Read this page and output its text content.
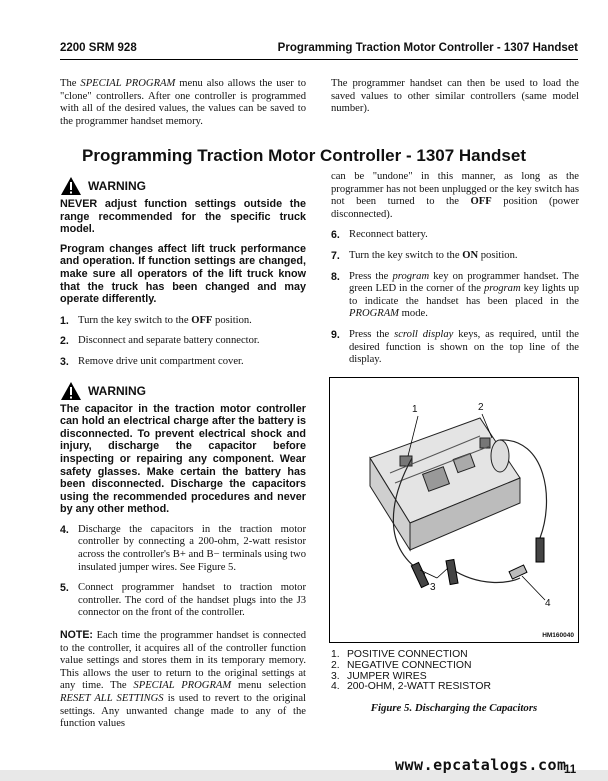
2200 SRM 928	Programming Traction Motor Controller - 1307 Handset
The SPECIAL PROGRAM menu also allows the user to "clone" controllers. After one controller is programmed with all of the desired values, the values can be saved to the programmer handset memory.
The programmer handset can then be used to load the saved values to other similar controllers (same model number).
Programming Traction Motor Controller - 1307 Handset
WARNING
NEVER adjust function settings outside the range recommended for the specific truck model.
Program changes affect lift truck performance and operation. If function settings are changed, make sure all operators of the lift truck know that the truck has been changed and may operate differently.
1. Turn the key switch to the OFF position.
2. Disconnect and separate battery connector.
3. Remove drive unit compartment cover.
WARNING
The capacitor in the traction motor controller can hold an electrical charge after the battery is disconnected. To prevent electrical shock and injury, discharge the capacitor before inspecting or repairing any component. Wear safety glasses. Make certain the battery has been disconnected. Discharge the capacitors using the recommended procedures and never by any other method.
4. Discharge the capacitors in the traction motor controller by connecting a 200-ohm, 2-watt resistor across the controller's B+ and B− terminals using two insulated jumper wires. See Figure 5.
5. Connect programmer handset to traction motor controller. The cord of the handset plugs into the J3 connector on the front of the controller.
NOTE: Each time the programmer handset is connected to the controller, it acquires all of the controller function value settings and stores them in its temporary memory. This allows the user to return to the original settings at any time. The SPECIAL PROGRAM menu selection RESET ALL SETTINGS is used to revert to the original settings. Any unwanted change made to any of the function values
can be "undone" in this manner, as long as the programmer has not been unplugged or the key switch has not been turned to the OFF position (power disconnected).
6. Reconnect battery.
7. Turn the key switch to the ON position.
8. Press the program key on programmer handset. The green LED in the corner of the program key lights up to indicate the handset has been placed in the PROGRAM mode.
9. Press the scroll display keys, as required, until the desired function is shown on the top line of the display.
1	2
3
4
HM160040
1. POSITIVE CONNECTION
2. NEGATIVE CONNECTION
3. JUMPER WIRES
4. 200-OHM, 2-WATT RESISTOR
Figure 5. Discharging the Capacitors
www.epcatalogs.com
11
